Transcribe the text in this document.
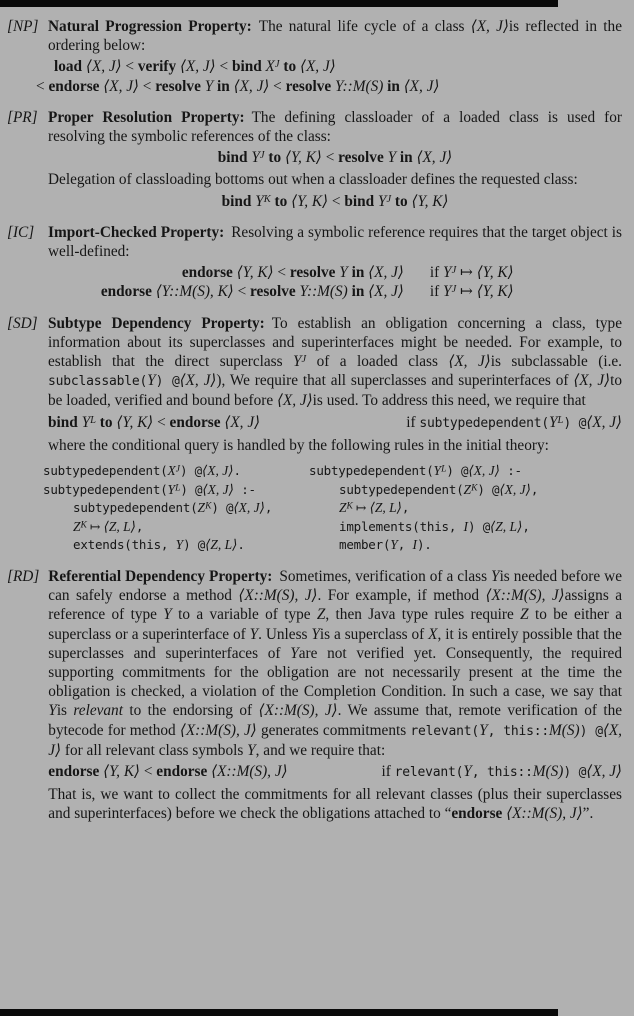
[NP] Natural Progression Property: The natural life cycle of a class ⟨X, J⟩is reflected in the ordering below:
load ⟨X, J⟩ < verify ⟨X, J⟩ < bind $X^J$ to ⟨X, J⟩
< endorse ⟨X, J⟩ < resolve Y in ⟨X, J⟩ < resolve Y::M(S) in ⟨X, J⟩
[PR] Proper Resolution Property: The defining classloader of a loaded class is used for resolving the symbolic references of the class:
bind $Y^J$ to ⟨Y, K⟩ < resolve Y in ⟨X, J⟩
Delegation of classloading bottoms out when a classloader defines the requested class:
bind $Y^K$ to ⟨Y, K⟩ < bind $Y^J$ to ⟨Y, K⟩
[IC] Import-Checked Property: Resolving a symbolic reference requires that the target object is well-defined:
endorse ⟨Y, K⟩ < resolve Y in ⟨X, J⟩ if $Y^J$ ↦ ⟨Y, K⟩
endorse ⟨Y::M(S), K⟩ < resolve Y::M(S) in ⟨X, J⟩ if $Y^J$ ↦ ⟨Y, K⟩
[SD] Subtype Dependency Property: To establish an obligation concerning a class, type information about its superclasses and superinterfaces might be needed. For example, to establish that the direct superclass $Y^J$ of a loaded class ⟨X, J⟩is subclassable (i.e. subclassable(Y) @⟨X, J⟩), We require that all superclasses and superinterfaces of ⟨X, J⟩to be loaded, verified and bound before ⟨X, J⟩is used. To address this need, we require that
bind $Y^L$ to ⟨Y, K⟩ < endorse ⟨X, J⟩	if $subtypedependent(Y^L)$ @⟨X, J⟩
where the conditional query is handled by the following rules in the initial theory:
$subtypedependent(X^J)$ @⟨X, J⟩.
$subtypedependent(Y^L)$ @⟨X, J⟩ :-
$subtypedependent(Z^K)$ @⟨X, J⟩,
$Z^K$ ↦ ⟨Z, L⟩,
extends(this, Y) @⟨Z, L⟩.
$subtypedependent(Y^L)$ @⟨X, J⟩ :-
$subtypedependent(Z^K)$ @⟨X, J⟩,
$Z^K$ ↦ ⟨Z, L⟩,
implements(this, I) @⟨Z, L⟩,
member(Y, I).
[RD] Referential Dependency Property: Sometimes, verification of a class Yis needed before we can safely endorse a method ⟨X::M(S), J⟩. For example, if method ⟨X::M(S), J⟩assigns a reference of type Y to a variable of type Z, then Java type rules require Z to be either a superclass or a superinterface of Y. Unless Yis a superclass of X, it is entirely possible that the superclasses and superinterfaces of Yare not verified yet. Consequently, the required supporting commitments for the obligation are not necessarily present at the time the obligation is checked, a violation of the Completion Condition. In such a case, we say that Yis relevant to the endorsing of ⟨X::M(S), J⟩. We assume that, remote verification of the bytecode for method ⟨X::M(S), J⟩ generates commitments relevant(Y, this::M(S)) @⟨X, J⟩ for all relevant class symbols Y, and we require that:
endorse ⟨Y, K⟩ < endorse ⟨X::M(S), J⟩	if relevant(Y, this::M(S)) @⟨X, J⟩
That is, we want to collect the commitments for all relevant classes (plus their superclasses and superinterfaces) before we check the obligations attached to “endorse ⟨X::M(S), J⟩”.
